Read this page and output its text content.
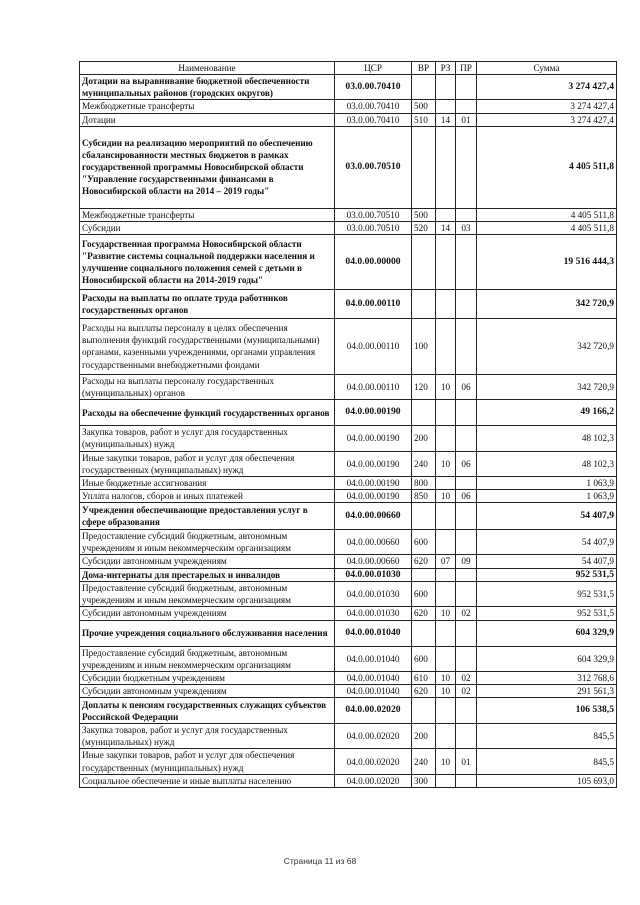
Наименование	ЦСР	ВР	РЗ	ПР	Сумма
Дотации на выравнивание бюджетной обеспеченности муниципальных районов (городских округов)	03.0.00.70410				3 274 427,4
Межбюджетные трансферты	03.0.00.70410	500			3 274 427,4
Дотации	03.0.00.70410	510	14	01	3 274 427,4
Субсидии на реализацию мероприятий по обеспечению сбалансированности местных бюджетов в рамках государственной программы Новосибирской области "Управление государственными финансами в Новосибирской области на 2014 – 2019 годы"	03.0.00.70510				4 405 511,8
Межбюджетные трансферты	03.0.00.70510	500			4 405 511,8
Субсидии	03.0.00.70510	520	14	03	4 405 511,8
Государственная программа Новосибирской области "Развитие системы социальной поддержки населения и улучшение социального положения семей с детьми в Новосибирской области на 2014-2019 годы"	04.0.00.00000				19 516 444,3
Расходы на выплаты по оплате труда работников государственных органов	04.0.00.00110				342 720,9
Расходы на выплаты персоналу в целях обеспечения выполнения функций государственными (муниципальными) органами, казенными учреждениями, органами управления государственными внебюджетными фондами	04.0.00.00110	100			342 720,9
Расходы на выплаты персоналу государственных (муниципальных) органов	04.0.00.00110	120	10	06	342 720,9
Расходы на обеспечение функций государственных органов	04.0.00.00190				49 166,2
Закупка товаров, работ и услуг для государственных (муниципальных) нужд	04.0.00.00190	200			48 102,3
Иные закупки товаров, работ и услуг для обеспечения государственных (муниципальных) нужд	04.0.00.00190	240	10	06	48 102,3
Иные бюджетные ассигнования	04.0.00.00190	800			1 063,9
Уплата налогов, сборов и иных платежей	04.0.00.00190	850	10	06	1 063,9
Учреждения обеспечивающие предоставления услуг в сфере образования	04.0.00.00660				54 407,9
Предоставление субсидий бюджетным, автономным учреждениям и иным некоммерческим организациям	04.0.00.00660	600			54 407,9
Субсидии автономным учреждениям	04.0.00.00660	620	07	09	54 407,9
Дома-интернаты для престарелых и инвалидов	04.0.00.01030				952 531,5
Предоставление субсидий бюджетным, автономным учреждениям и иным некоммерческим организациям	04.0.00.01030	600			952 531,5
Субсидии автономным учреждениям	04.0.00.01030	620	10	02	952 531,5
Прочие учреждения социального обслуживания населения	04.0.00.01040				604 329,9
Предоставление субсидий бюджетным, автономным учреждениям и иным некоммерческим организациям	04.0.00.01040	600			604 329,9
Субсидии бюджетным учреждениям	04.0.00.01040	610	10	02	312 768,6
Субсидии автономным учреждениям	04.0.00.01040	620	10	02	291 561,3
Доплаты к пенсиям государственных служащих субъектов Российской Федерации	04.0.00.02020				106 538,5
Закупка товаров, работ и услуг для государственных (муниципальных) нужд	04.0.00.02020	200			845,5
Иные закупки товаров, работ и услуг для обеспечения государственных (муниципальных) нужд	04.0.00.02020	240	10	01	845,5
Социальное обеспечение и иные выплаты населению	04.0.00.02020	300			105 693,0
Страница 11 из 68
